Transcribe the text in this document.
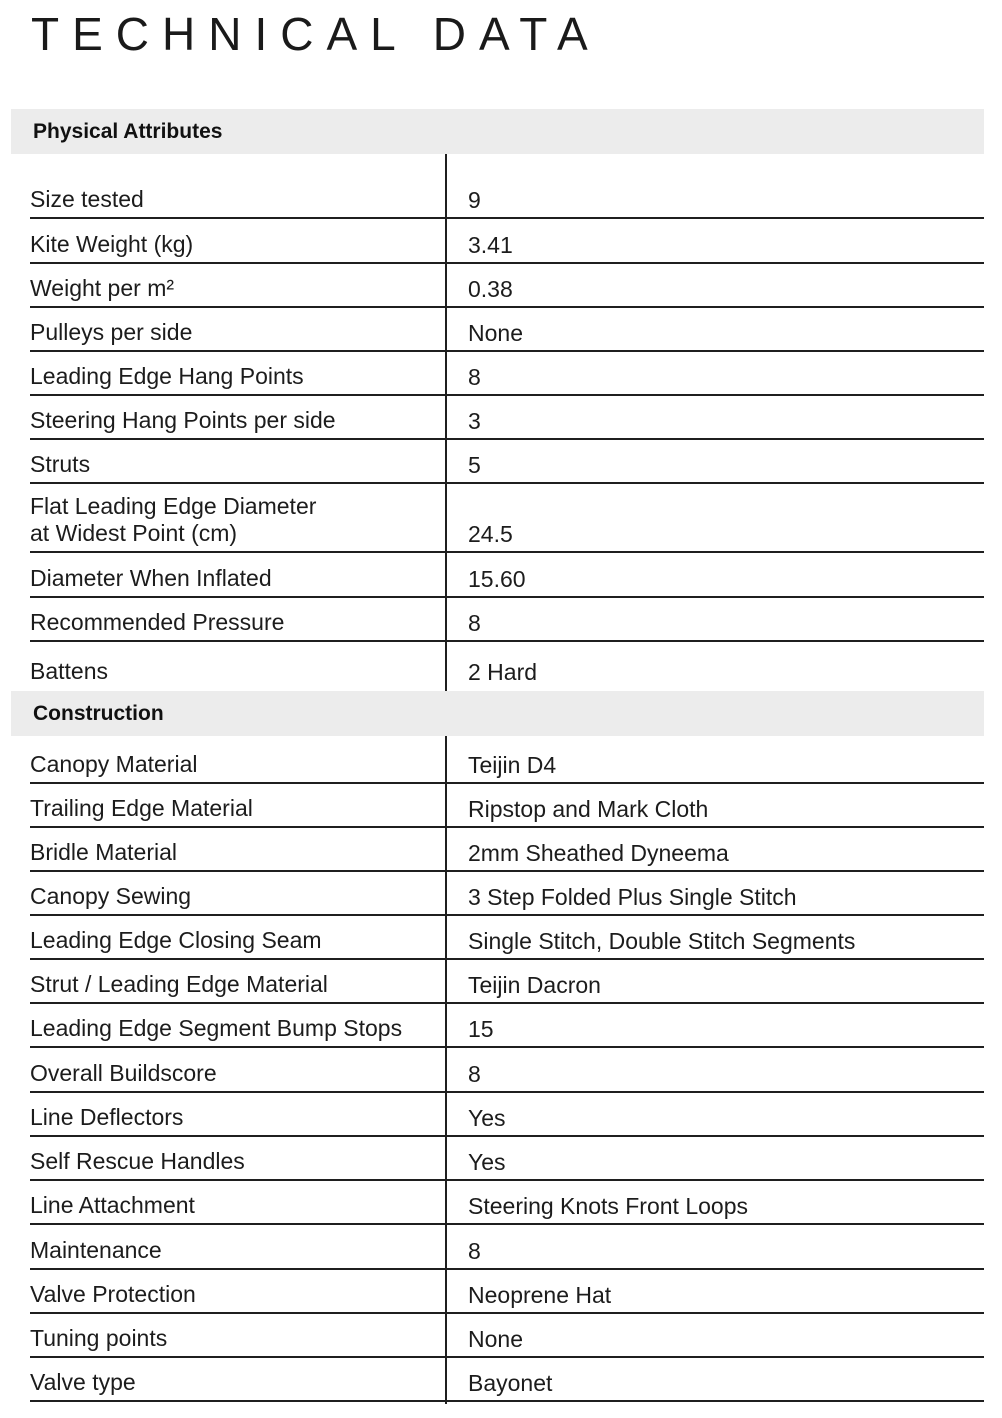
TECHNICAL DATA
Physical Attributes
Size tested	9
Kite Weight (kg)	3.41
Weight per m²	0.38
Pulleys per side	None
Leading Edge Hang Points	8
Steering Hang Points per side	3
Struts	5
Flat Leading Edge Diameter
at Widest Point (cm)	24.5
Diameter When Inflated	15.60
Recommended Pressure	8
Battens	2 Hard
Construction
Canopy Material	Teijin D4
Trailing Edge Material	Ripstop and Mark Cloth
Bridle Material	2mm Sheathed Dyneema
Canopy Sewing	3 Step Folded Plus Single Stitch
Leading Edge Closing Seam	Single Stitch, Double Stitch Segments
Strut / Leading Edge Material	Teijin Dacron
Leading Edge Segment Bump Stops	15
Overall Buildscore	8
Line Deflectors	Yes
Self Rescue Handles	Yes
Line Attachment	Steering Knots Front Loops
Maintenance	8
Valve Protection	Neoprene Hat
Tuning points	None
Valve type	Bayonet
